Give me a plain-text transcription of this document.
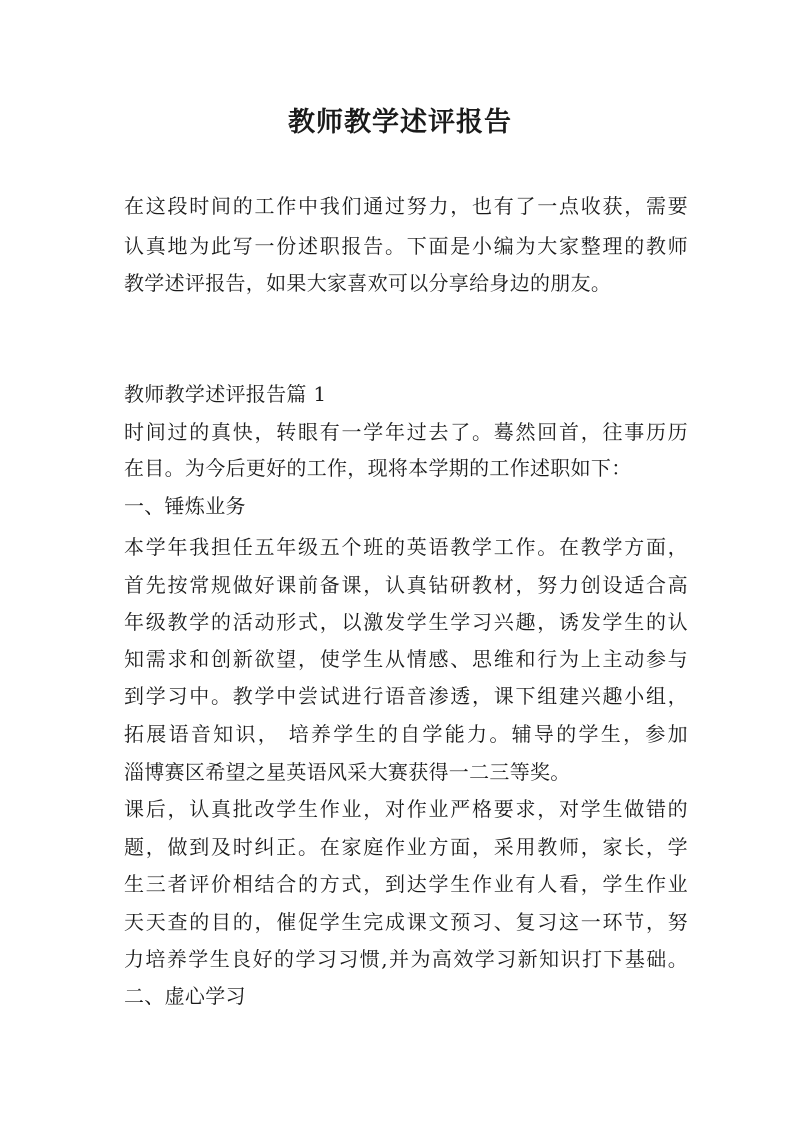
教师教学述评报告
在这段时间的工作中我们通过努力，也有了一点收获，需要
认真地为此写一份述职报告。下面是小编为大家整理的教师
教学述评报告，如果大家喜欢可以分享给身边的朋友。
教师教学述评报告篇 1
时间过的真快，转眼有一学年过去了。蓦然回首，往事历历
在目。为今后更好的工作，现将本学期的工作述职如下：
一、锤炼业务
本学年我担任五年级五个班的英语教学工作。在教学方面，
首先按常规做好课前备课，认真钻研教材，努力创设适合高
年级教学的活动形式，以激发学生学习兴趣，诱发学生的认
知需求和创新欲望，使学生从情感、思维和行为上主动参与
到学习中。教学中尝试进行语音渗透，课下组建兴趣小组，
拓展语音知识， 培养学生的自学能力。辅导的学生，参加
淄博赛区希望之星英语风采大赛获得一二三等奖。
课后，认真批改学生作业，对作业严格要求，对学生做错的
题，做到及时纠正。在家庭作业方面，采用教师，家长，学
生三者评价相结合的方式，到达学生作业有人看，学生作业
天天查的目的，催促学生完成课文预习、复习这一环节，努
力培养学生良好的学习习惯,并为高效学习新知识打下基础。
二、虚心学习
